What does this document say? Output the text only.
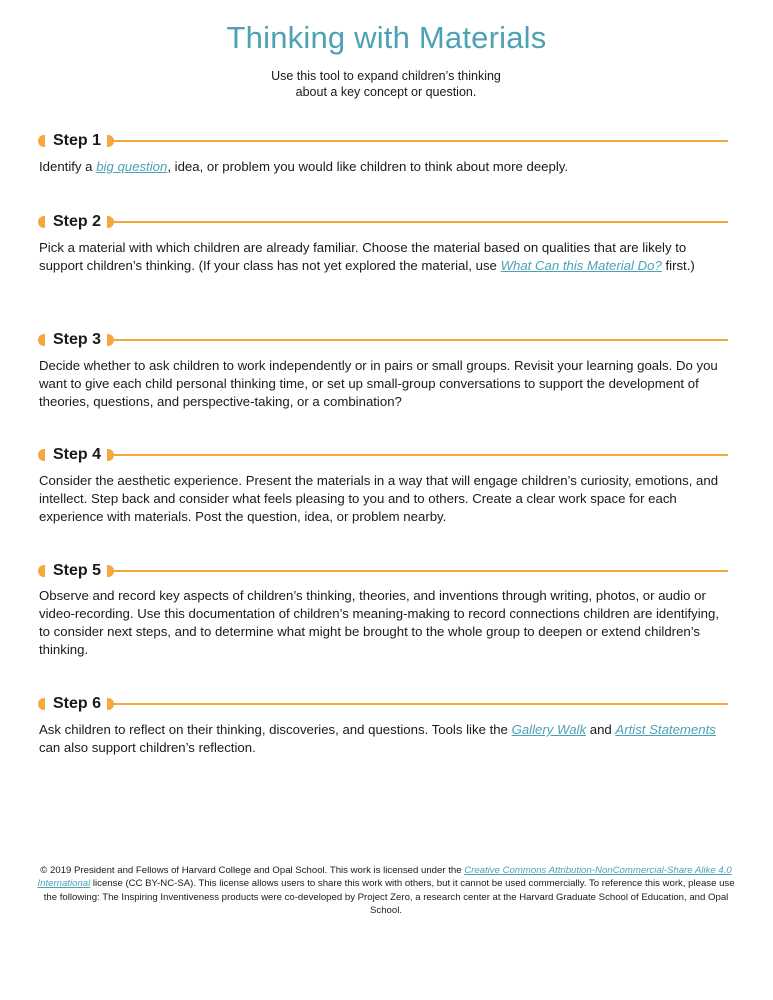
Thinking with Materials
Use this tool to expand children’s thinking
about a key concept or question.
Step 1
Identify a big question, idea, or problem you would like children to think about more deeply.
Step 2
Pick a material with which children are already familiar. Choose the material based on qualities that are likely to support children’s thinking. (If your class has not yet explored the material, use What Can this Material Do? first.)
Step 3
Decide whether to ask children to work independently or in pairs or small groups. Revisit your learning goals. Do you want to give each child personal thinking time, or set up small-group conversations to support the development of theories, questions, and perspective-taking, or a combination?
Step 4
Consider the aesthetic experience. Present the materials in a way that will engage children’s curiosity, emotions, and intellect. Step back and consider what feels pleasing to you and to others. Create a clear work space for each experience with materials. Post the question, idea, or problem nearby.
Step 5
Observe and record key aspects of children’s thinking, theories, and inventions through writing, photos, or audio or video-recording. Use this documentation of children’s meaning-making to record connections children are identifying, to consider next steps, and to determine what might be brought to the whole group to deepen or extend children’s thinking.
Step 6
Ask children to reflect on their thinking, discoveries, and questions. Tools like the Gallery Walk and Artist Statements can also support children’s reflection.
© 2019 President and Fellows of Harvard College and Opal School. This work is licensed under the Creative Commons Attribution-NonCommercial-Share Alike 4.0 International license (CC BY-NC-SA). This license allows users to share this work with others, but it cannot be used commercially. To reference this work, please use the following: The Inspiring Inventiveness products were co-developed by Project Zero, a research center at the Harvard Graduate School of Education, and Opal School.
